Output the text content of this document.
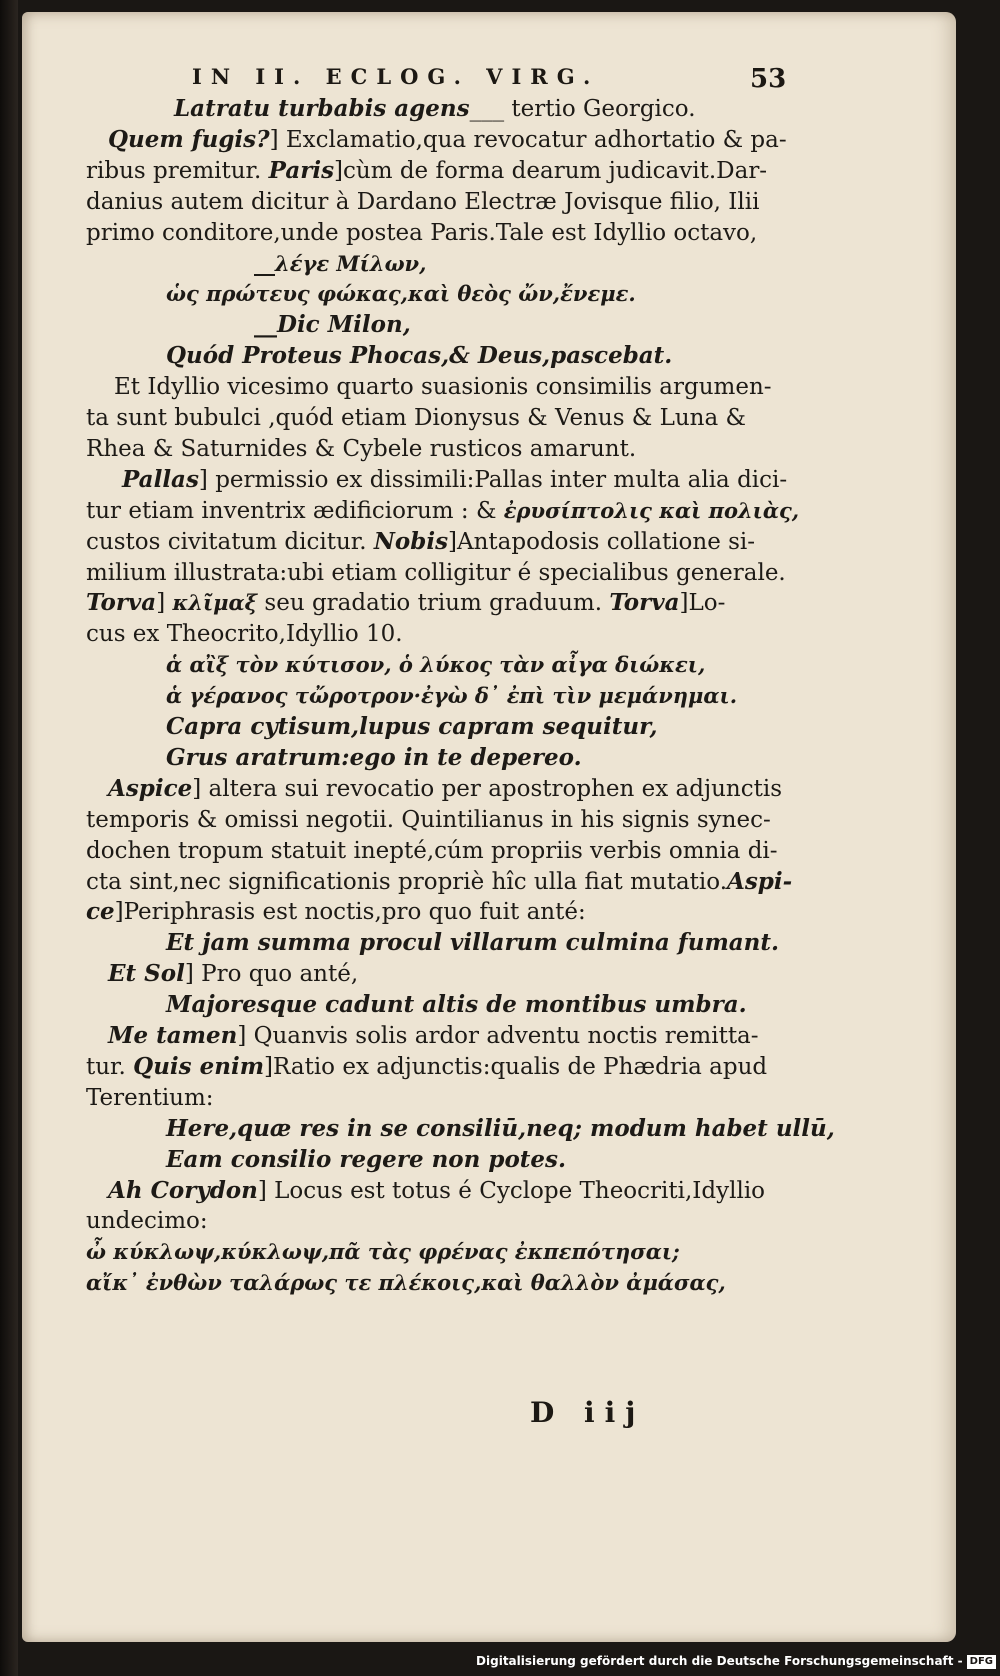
IN II. ECLOG. VIRG.	53
Latratu turbabis agens___ tertio Georgico.
Quem fugis?] Exclamatio,qua revocatur adhortatio & pa-
ribus premitur. Paris]cùm de forma dearum judicavit.Dar-
danius autem dicitur à Dardano Electræ Jovisque filio, Ilii
primo conditore,unde postea Paris.Tale est Idyllio octavo,
__λέγε Μίλων,
ὡς πρώτευς φώκας,καὶ θεὸς ὤν,ἔνεμε.
__Dic Milon,
Quód Proteus Phocas,& Deus,pascebat.
Et Idyllio vicesimo quarto suasionis consimilis argumen-
ta sunt bubulci ,quód etiam Dionysus & Venus & Luna &
Rhea & Saturnides & Cybele rusticos amarunt.
Pallas] permissio ex dissimili:Pallas inter multa alia dici-
tur etiam inventrix ædificiorum : & ἐρυσίπτολις καὶ πολιὰς,
custos civitatum dicitur. Nobis]Antapodosis collatione si-
milium illustrata:ubi etiam colligitur é specialibus generale.
Torva] κλῖμαξ seu gradatio trium graduum. Torva]Lo-
cus ex Theocrito,Idyllio 10.
ἁ αἲξ τὸν κύτισον, ὁ λύκος τὰν αἶγα διώκει,
ἁ γέρανος τὤροτρον·ἐγὼ δ᾽ ἐπὶ τὶν μεμάνημαι.
Capra cytisum,lupus capram sequitur,
Grus aratrum:ego in te depereo.
Aspice] altera sui revocatio per apostrophen ex adjunctis
temporis & omissi negotii. Quintilianus in his signis synec-
dochen tropum statuit inepté,cúm propriis verbis omnia di-
cta sint,nec significationis propriè hîc ulla fiat mutatio.Aspi-
ce]Periphrasis est noctis,pro quo fuit anté:
Et jam summa procul villarum culmina fumant.
Et Sol] Pro quo anté,
Majoresque cadunt altis de montibus umbra.
Me tamen] Quanvis solis ardor adventu noctis remitta-
tur. Quis enim]Ratio ex adjunctis:qualis de Phædria apud
Terentium:
Here,quæ res in se consiliū,neq; modum habet ullū,
Eam consilio regere non potes.
Ah Corydon] Locus est totus é Cyclope Theocriti,Idyllio
undecimo:
ὦ κύκλωψ,κύκλωψ,πᾶ τὰς φρένας ἐκπεπότησαι;
αἴκ᾽ ἐνθὼν ταλάρως τε πλέκοις,καὶ θαλλὸν ἀμάσας,
D iij
Digitalisierung gefördert durch die Deutsche Forschungsgemeinschaft - DFG
